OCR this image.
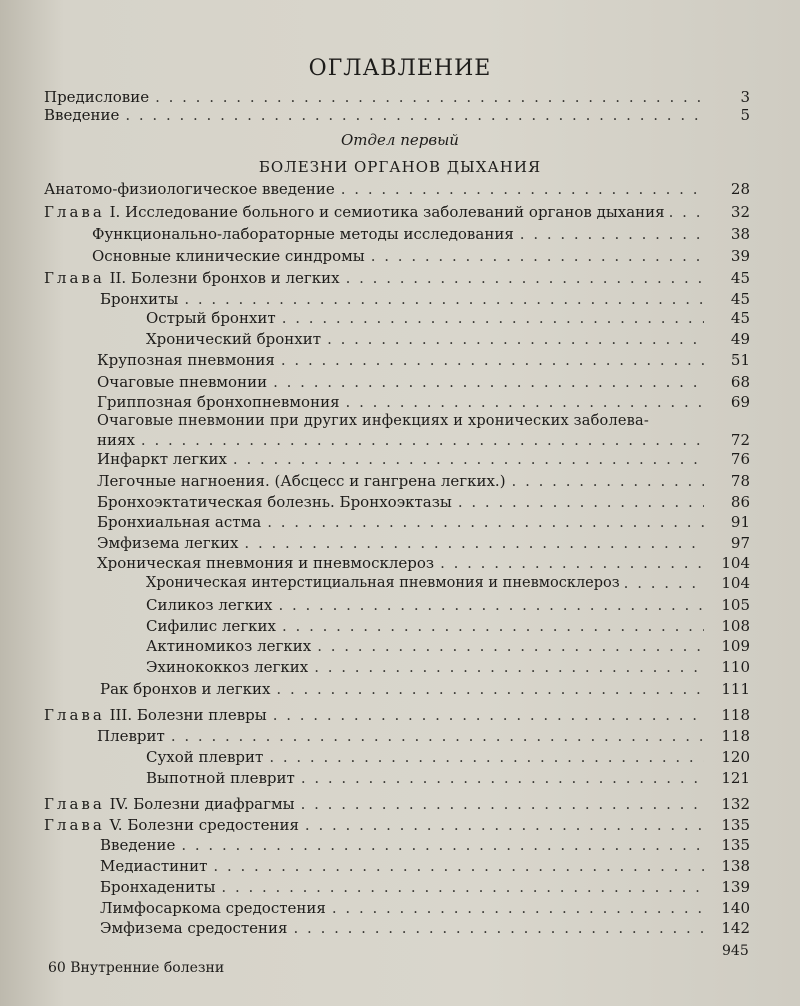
ОГЛАВЛЕНИЕ
Предисловие . . .	3
Введение . . .	5
Отдел первый
БОЛЕЗНИ ОРГАНОВ ДЫХАНИЯ
Анатомо-физиологическое введение . . .	28
Глава I. Исследование больного и семиотика заболеваний органов дыхания . . .	32
Функционально-лабораторные методы исследования . . .	38
Основные клинические синдромы . . .	39
Глава II. Болезни бронхов и легких . . .	45
Бронхиты . . .	45
Острый бронхит . . .	45
Хронический бронхит . . .	49
Крупозная пневмония . . .	51
Очаговые пневмонии . . .	68
Гриппозная бронхопневмония . . .	69
Очаговые пневмонии при других инфекциях и хронических заболева-
ниях . . .	72
Инфаркт легких . . .	76
Легочные нагноения. (Абсцесс и гангрена легких.) . . .	78
Бронхоэктатическая болезнь. Бронхоэктазы . . .	86
Бронхиальная астма . . .	91
Эмфизема легких . . .	97
Хроническая пневмония и пневмосклероз . . .	104
Хроническая интерстициальная пневмония и пневмосклероз . . .	104
Силикоз легких . . .	105
Сифилис легких . . .	108
Актиномикоз легких . . .	109
Эхинококкоз легких . . .	110
Рак бронхов и легких . . .	111
Глава III. Болезни плевры . . .	118
Плеврит . . .	118
Сухой плеврит . . .	120
Выпотной плеврит . . .	121
Глава IV. Болезни диафрагмы . . .	132
Глава V. Болезни средостения . . .	135
Введение . . .	135
Медиастинит . . .	138
Бронхадениты . . .	139
Лимфосаркома средостения . . .	140
Эмфизема средостения . . .	142
60 Внутренние болезни
945
